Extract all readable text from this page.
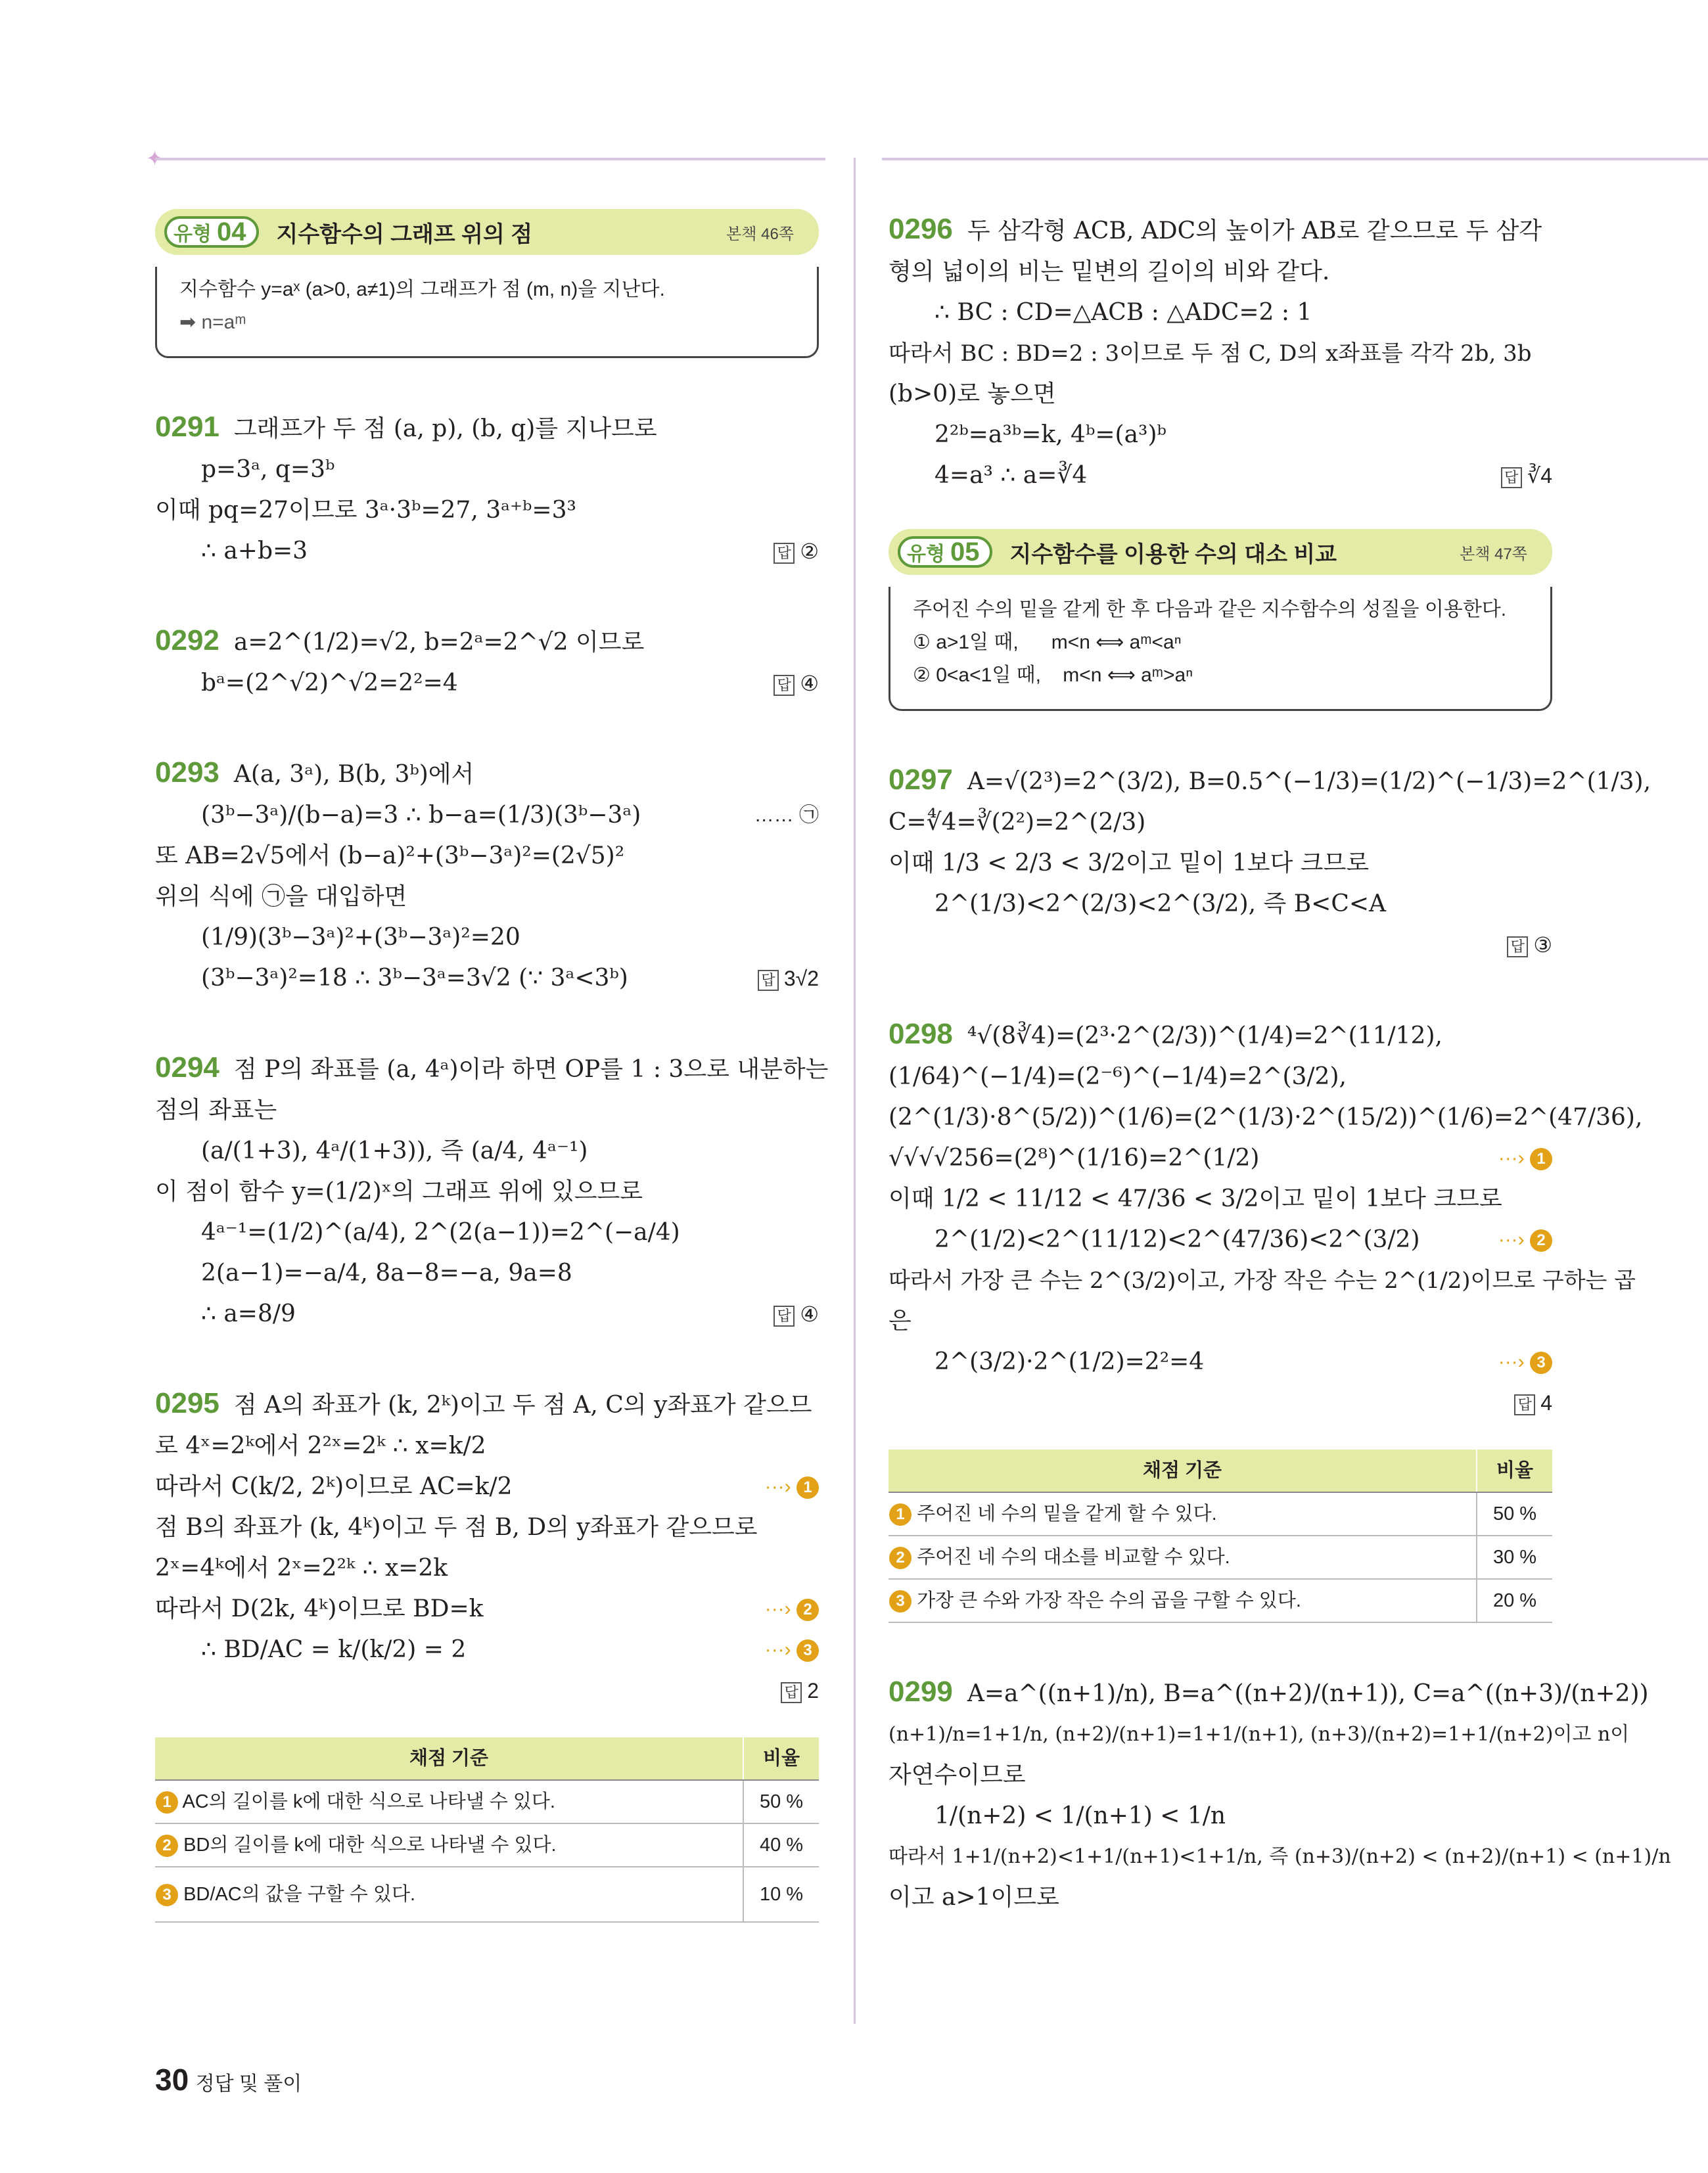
✦
유형 04 지수함수의 그래프 위의 점	본책 46쪽
지수함수 y=aˣ (a>0, a≠1)의 그래프가 점 (m, n)을 지난다.
➡ n=aᵐ
0291 그래프가 두 점 (a, p), (b, q)를 지나므로
p=3ᵃ, q=3ᵇ
이때 pq=27이므로 3ᵃ·3ᵇ=27, 3ᵃ⁺ᵇ=3³
∴ a+b=3	답 ②
0292 a=2^(1/2)=√2, b=2ᵃ=2^√2 이므로
bᵃ=(2^√2)^√2=2²=4	답 ④
0293 A(a, 3ᵃ), B(b, 3ᵇ)에서
(3ᵇ−3ᵃ)/(b−a)=3 ∴ b−a=(1/3)(3ᵇ−3ᵃ)	…… ㉠
또 AB=2√5에서 (b−a)²+(3ᵇ−3ᵃ)²=(2√5)²
위의 식에 ㉠을 대입하면
(1/9)(3ᵇ−3ᵃ)²+(3ᵇ−3ᵃ)²=20
(3ᵇ−3ᵃ)²=18 ∴ 3ᵇ−3ᵃ=3√2 (∵ 3ᵃ<3ᵇ)	답 3√2
0294 점 P의 좌표를 (a, 4ᵃ)이라 하면 OP를 1 : 3으로 내분하는
점의 좌표는
(a/(1+3), 4ᵃ/(1+3)), 즉 (a/4, 4ᵃ⁻¹)
이 점이 함수 y=(1/2)ˣ의 그래프 위에 있으므로
4ᵃ⁻¹=(1/2)^(a/4), 2^(2(a−1))=2^(−a/4)
2(a−1)=−a/4, 8a−8=−a, 9a=8
∴ a=8/9	답 ④
0295 점 A의 좌표가 (k, 2ᵏ)이고 두 점 A, C의 y좌표가 같으므
로 4ˣ=2ᵏ에서 2²ˣ=2ᵏ ∴ x=k/2
따라서 C(k/2, 2ᵏ)이므로 AC=k/2	···› 1
점 B의 좌표가 (k, 4ᵏ)이고 두 점 B, D의 y좌표가 같으므로
2ˣ=4ᵏ에서 2ˣ=2²ᵏ ∴ x=2k
따라서 D(2k, 4ᵏ)이므로 BD=k	···› 2
∴ BD/AC = k/(k/2) = 2	···› 3
답 2
채점 기준	비율
1 AC의 길이를 k에 대한 식으로 나타낼 수 있다.	50 %
2 BD의 길이를 k에 대한 식으로 나타낼 수 있다.	40 %
3 BD/AC의 값을 구할 수 있다.	10 %
0296 두 삼각형 ACB, ADC의 높이가 AB로 같으므로 두 삼각
형의 넓이의 비는 밑변의 길이의 비와 같다.
∴ BC : CD=△ACB : △ADC=2 : 1
따라서 BC : BD=2 : 3이므로 두 점 C, D의 x좌표를 각각 2b, 3b
(b>0)로 놓으면
2²ᵇ=a³ᵇ=k, 4ᵇ=(a³)ᵇ
4=a³ ∴ a=∛4	답 ∛4
유형 05 지수함수를 이용한 수의 대소 비교	본책 47쪽
주어진 수의 밑을 같게 한 후 다음과 같은 지수함수의 성질을 이용한다.
① a>1일 때,      m<n ⟺ aᵐ<aⁿ
② 0<a<1일 때,    m<n ⟺ aᵐ>aⁿ
0297 A=√(2³)=2^(3/2), B=0.5^(−1/3)=(1/2)^(−1/3)=2^(1/3),
C=∜4=∛(2²)=2^(2/3)
이때 1/3 < 2/3 < 3/2이고 밑이 1보다 크므로
2^(1/3)<2^(2/3)<2^(3/2), 즉 B<C<A
답 ③
0298 ⁴√(8∛4)=(2³·2^(2/3))^(1/4)=2^(11/12),
(1/64)^(−1/4)=(2⁻⁶)^(−1/4)=2^(3/2),
(2^(1/3)·8^(5/2))^(1/6)=(2^(1/3)·2^(15/2))^(1/6)=2^(47/36),
√√√√256=(2⁸)^(1/16)=2^(1/2)	···› 1
이때 1/2 < 11/12 < 47/36 < 3/2이고 밑이 1보다 크므로
2^(1/2)<2^(11/12)<2^(47/36)<2^(3/2)	···› 2
따라서 가장 큰 수는 2^(3/2)이고, 가장 작은 수는 2^(1/2)이므로 구하는 곱
은
2^(3/2)·2^(1/2)=2²=4	···› 3
답 4
채점 기준	비율
1 주어진 네 수의 밑을 같게 할 수 있다.	50 %
2 주어진 네 수의 대소를 비교할 수 있다.	30 %
3 가장 큰 수와 가장 작은 수의 곱을 구할 수 있다.	20 %
0299 A=a^((n+1)/n), B=a^((n+2)/(n+1)), C=a^((n+3)/(n+2))
(n+1)/n=1+1/n, (n+2)/(n+1)=1+1/(n+1), (n+3)/(n+2)=1+1/(n+2)이고 n이
자연수이므로
1/(n+2) < 1/(n+1) < 1/n
따라서 1+1/(n+2)<1+1/(n+1)<1+1/n, 즉 (n+3)/(n+2) < (n+2)/(n+1) < (n+1)/n
이고 a>1이므로
30 정답 및 풀이
